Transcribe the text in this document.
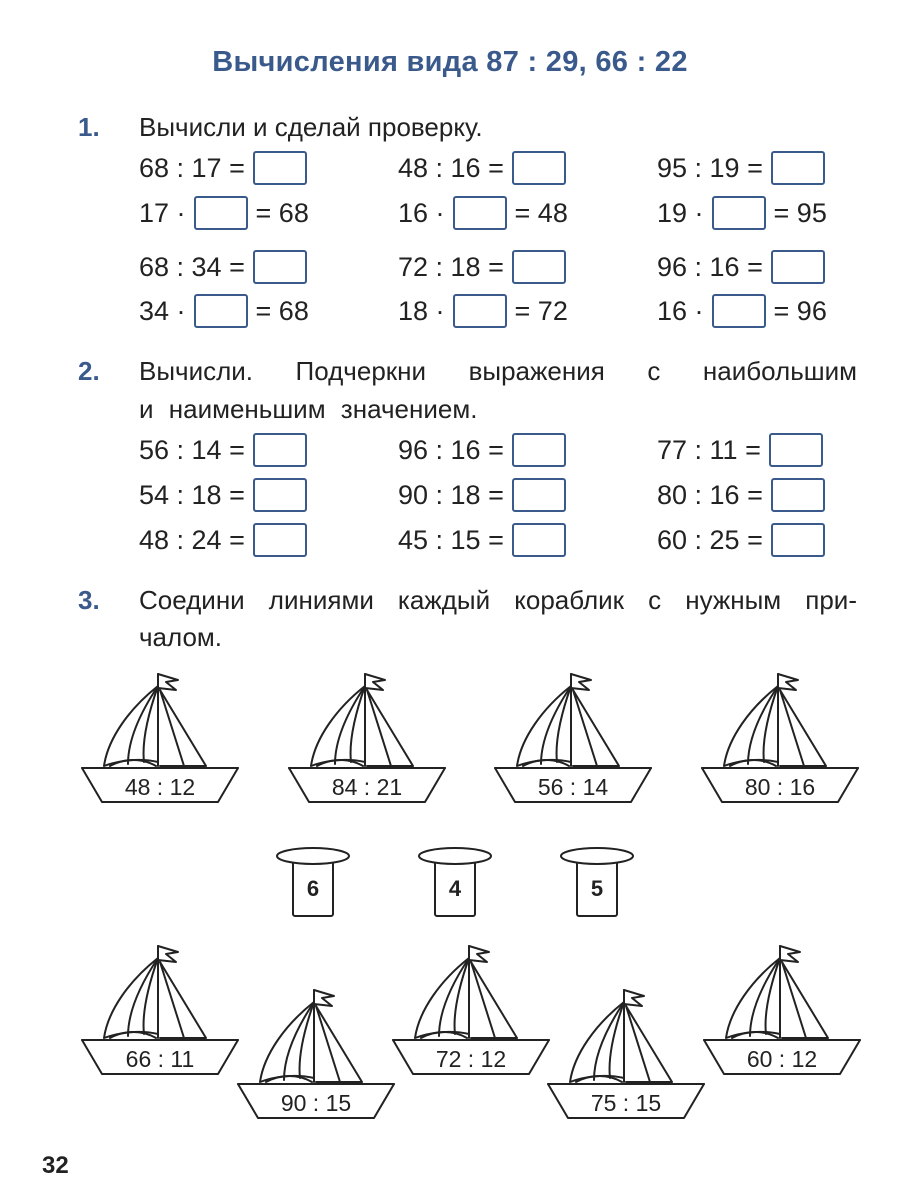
Вычисления вида 87 : 29, 66 : 22
1. Вычисли и сделай проверку.
68 : 17 =	48 : 16 =	95 : 19 =
17 ·	= 68	16 ·	= 48	19 ·	= 95
68 : 34 =	72 : 18 =	96 : 16 =
34 ·	= 68	18 ·	= 72	16 ·	= 96
2. Вычисли. Подчеркни выражения с наибольшим
и наименьшим значением.
56 : 14 =	96 : 16 =	77 : 11 =
54 : 18 =	90 : 18 =	80 : 16 =
48 : 24 =	45 : 15 =	60 : 25 =
3. Соедини линиями каждый кораблик с нужным при-
чалом.
48 : 12	84 : 21	56 : 14	80 : 16
6	4	5
66 : 11
90 : 15
72 : 12
75 : 15
60 : 12
32
